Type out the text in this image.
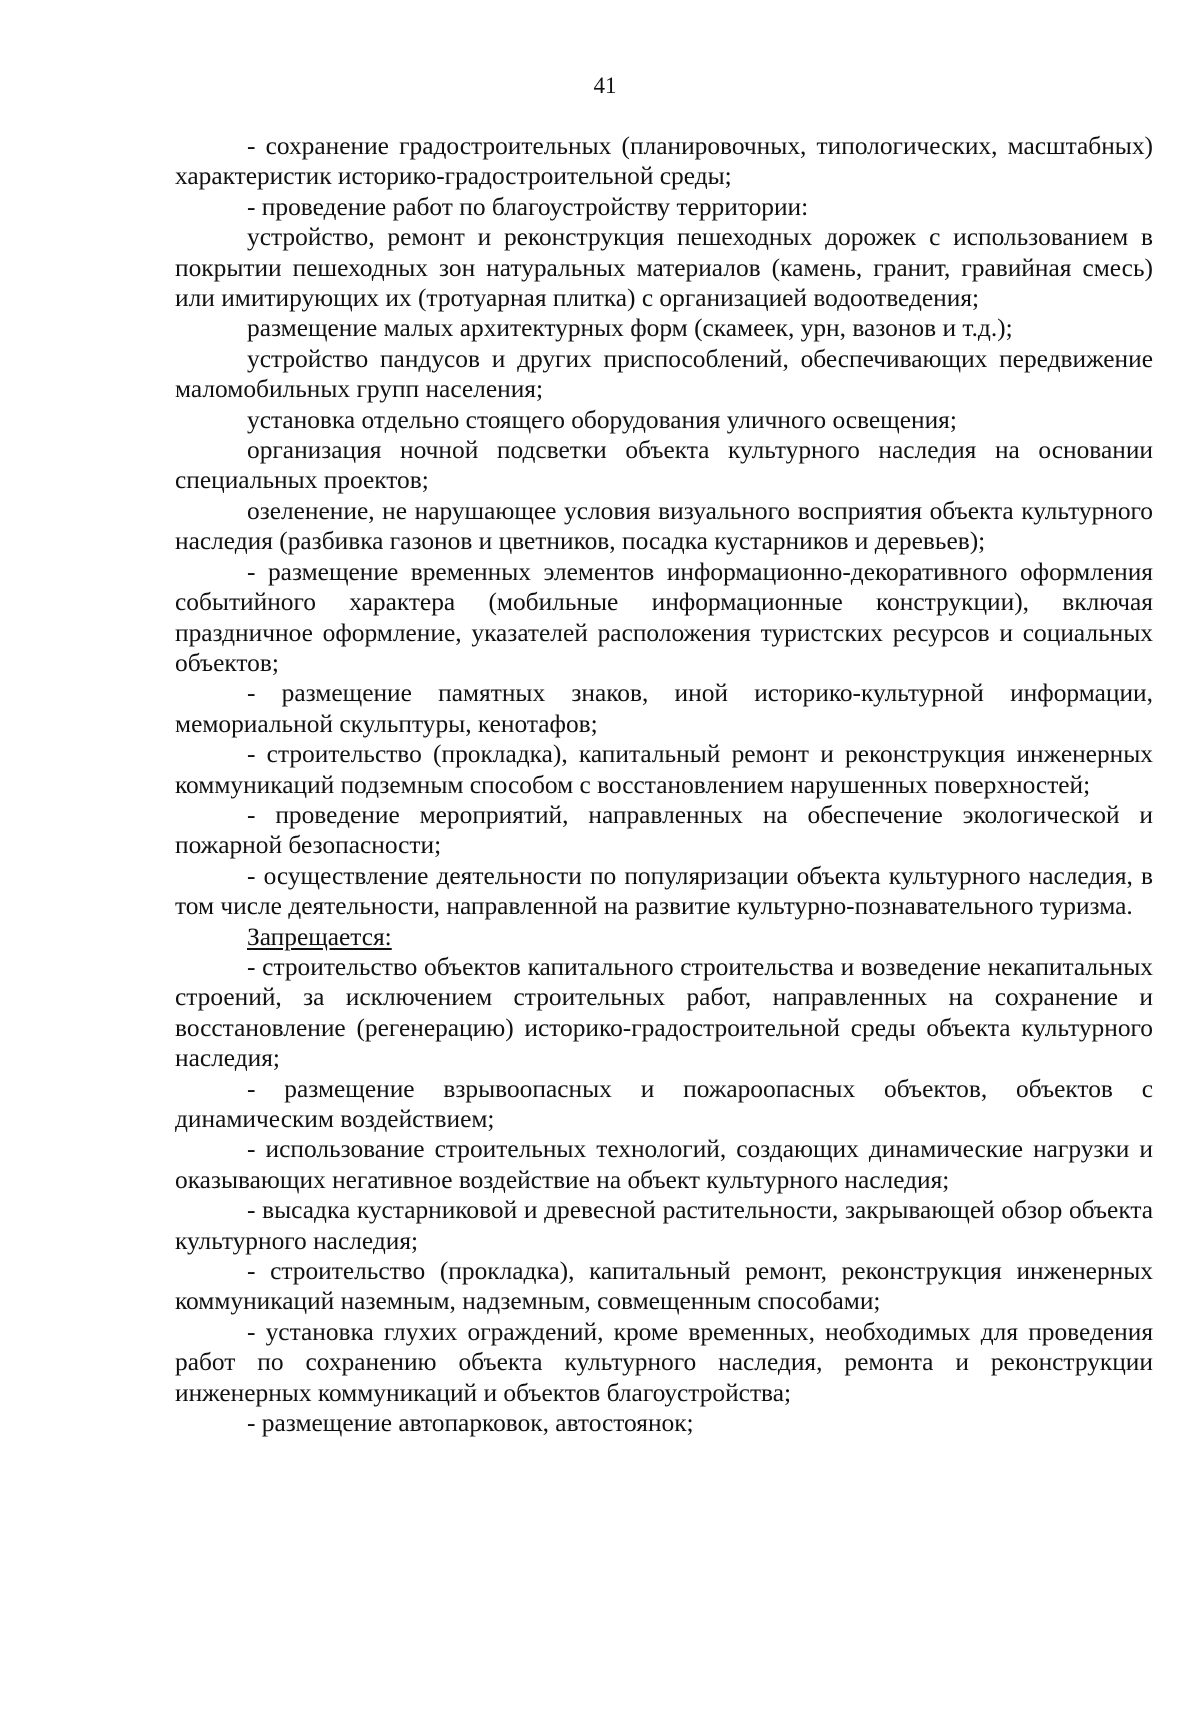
41

- сохранение градостроительных (планировочных, типологических, масштабных) характеристик историко-градостроительной среды;

- проведение работ по благоустройству территории:

устройство, ремонт и реконструкция пешеходных дорожек с использованием в покрытии пешеходных зон натуральных материалов (камень, гранит, гравийная смесь) или имитирующих их (тротуарная плитка) с организацией водоотведения;

размещение малых архитектурных форм (скамеек, урн, вазонов и т.д.);

устройство пандусов и других приспособлений, обеспечивающих передвижение маломобильных групп населения;

установка отдельно стоящего оборудования уличного освещения;

организация ночной подсветки объекта культурного наследия на основании специальных проектов;

озеленение, не нарушающее условия визуального восприятия объекта культурного наследия (разбивка газонов и цветников, посадка кустарников и деревьев);

- размещение временных элементов информационно-декоративного оформления событийного характера (мобильные информационные конструкции), включая праздничное оформление, указателей расположения туристских ресурсов и социальных объектов;

- размещение памятных знаков, иной историко-культурной информации, мемориальной скульптуры, кенотафов;

- строительство (прокладка), капитальный ремонт и реконструкция инженерных коммуникаций подземным способом с восстановлением нарушенных поверхностей;

- проведение мероприятий, направленных на обеспечение экологической и пожарной безопасности;

- осуществление деятельности по популяризации объекта культурного наследия, в том числе деятельности, направленной на развитие культурно-познавательного туризма.

Запрещается:

- строительство объектов капитального строительства и возведение некапитальных строений, за исключением строительных работ, направленных на сохранение и восстановление (регенерацию) историко-градостроительной среды объекта культурного наследия;

- размещение взрывоопасных и пожароопасных объектов, объектов с динамическим воздействием;

- использование строительных технологий, создающих динамические нагрузки и оказывающих негативное воздействие на объект культурного наследия;

- высадка кустарниковой и древесной растительности, закрывающей обзор объекта культурного наследия;

- строительство (прокладка), капитальный ремонт, реконструкция инженерных коммуникаций наземным, надземным, совмещенным способами;

- установка глухих ограждений, кроме временных, необходимых для проведения работ по сохранению объекта культурного наследия, ремонта и реконструкции инженерных коммуникаций и объектов благоустройства;

- размещение автопарковок, автостоянок;
